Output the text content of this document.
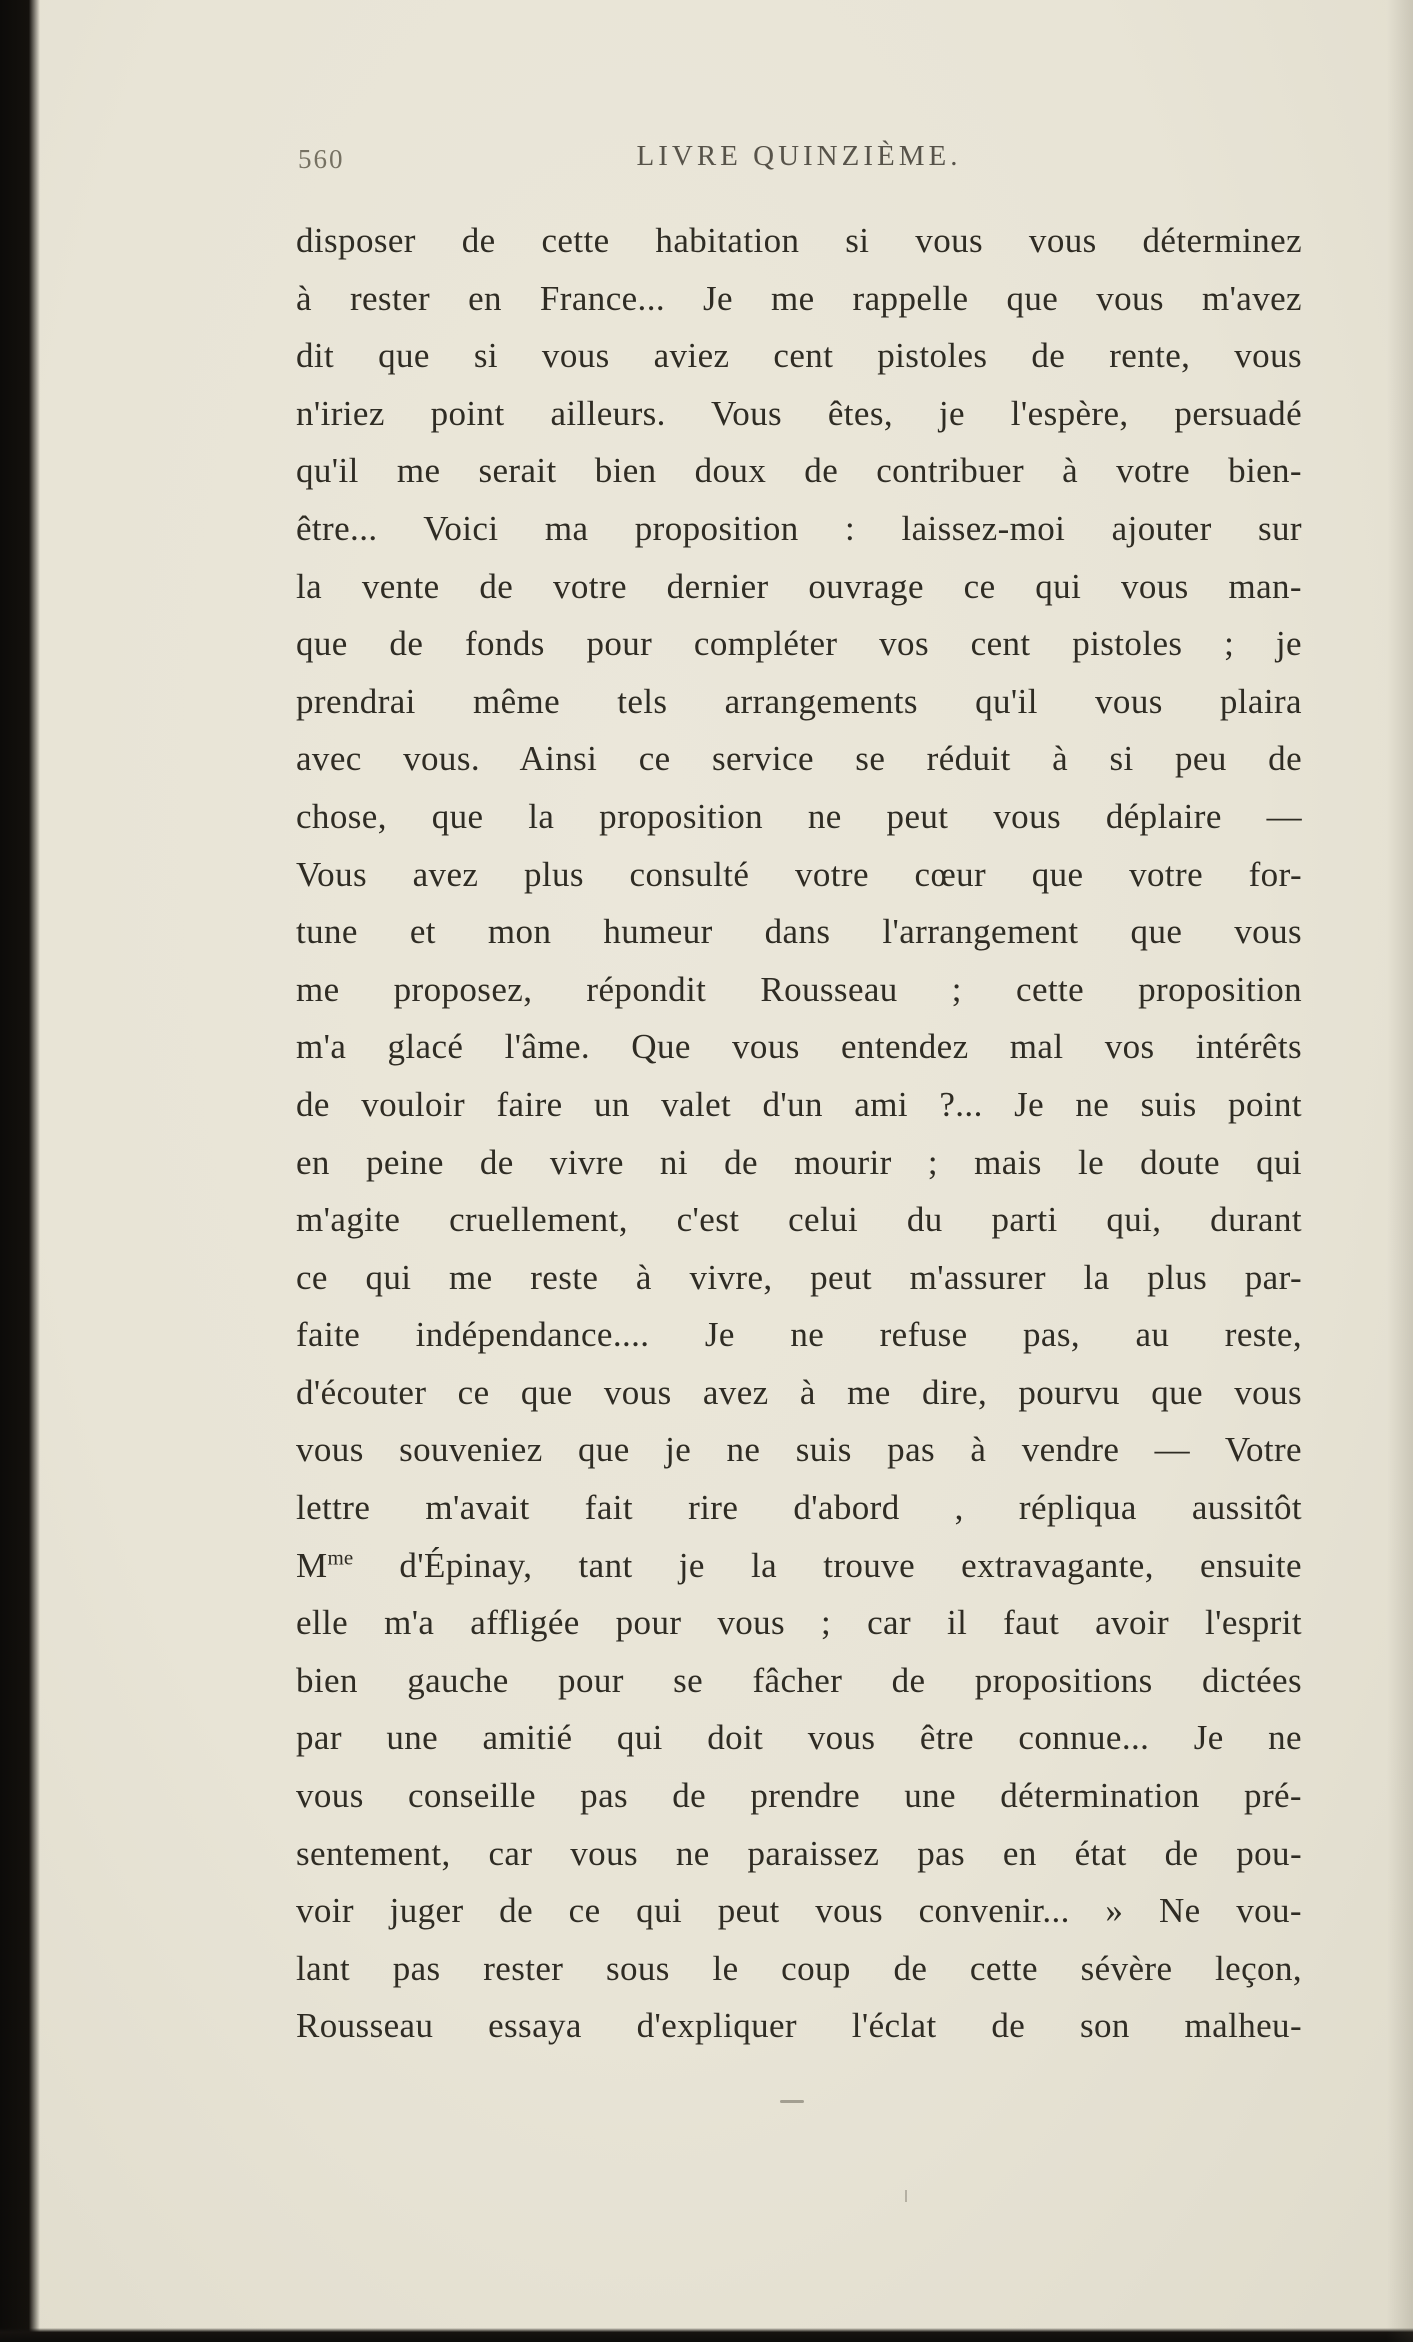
560	LIVRE QUINZIÈME.
disposer de cette habitation si vous vous déterminez
à rester en France... Je me rappelle que vous m'avez
dit que si vous aviez cent pistoles de rente, vous
n'iriez point ailleurs. Vous êtes, je l'espère, persuadé
qu'il me serait bien doux de contribuer à votre bien-
être... Voici ma proposition : laissez-moi ajouter sur
la vente de votre dernier ouvrage ce qui vous man-
que de fonds pour compléter vos cent pistoles ; je
prendrai même tels arrangements qu'il vous plaira
avec vous. Ainsi ce service se réduit à si peu de
chose, que la proposition ne peut vous déplaire —
Vous avez plus consulté votre cœur que votre for-
tune et mon humeur dans l'arrangement que vous
me proposez, répondit Rousseau ; cette proposition
m'a glacé l'âme. Que vous entendez mal vos intérêts
de vouloir faire un valet d'un ami ?... Je ne suis point
en peine de vivre ni de mourir ; mais le doute qui
m'agite cruellement, c'est celui du parti qui, durant
ce qui me reste à vivre, peut m'assurer la plus par-
faite indépendance.... Je ne refuse pas, au reste,
d'écouter ce que vous avez à me dire, pourvu que vous
vous souveniez que je ne suis pas à vendre — Votre
lettre m'avait fait rire d'abord , répliqua aussitôt
$M^{me}$ d'Épinay, tant je la trouve extravagante, ensuite
elle m'a affligée pour vous ; car il faut avoir l'esprit
bien gauche pour se fâcher de propositions dictées
par une amitié qui doit vous être connue... Je ne
vous conseille pas de prendre une détermination pré-
sentement, car vous ne paraissez pas en état de pou-
voir juger de ce qui peut vous convenir... » Ne vou-
lant pas rester sous le coup de cette sévère leçon,
Rousseau essaya d'expliquer l'éclat de son malheu-
